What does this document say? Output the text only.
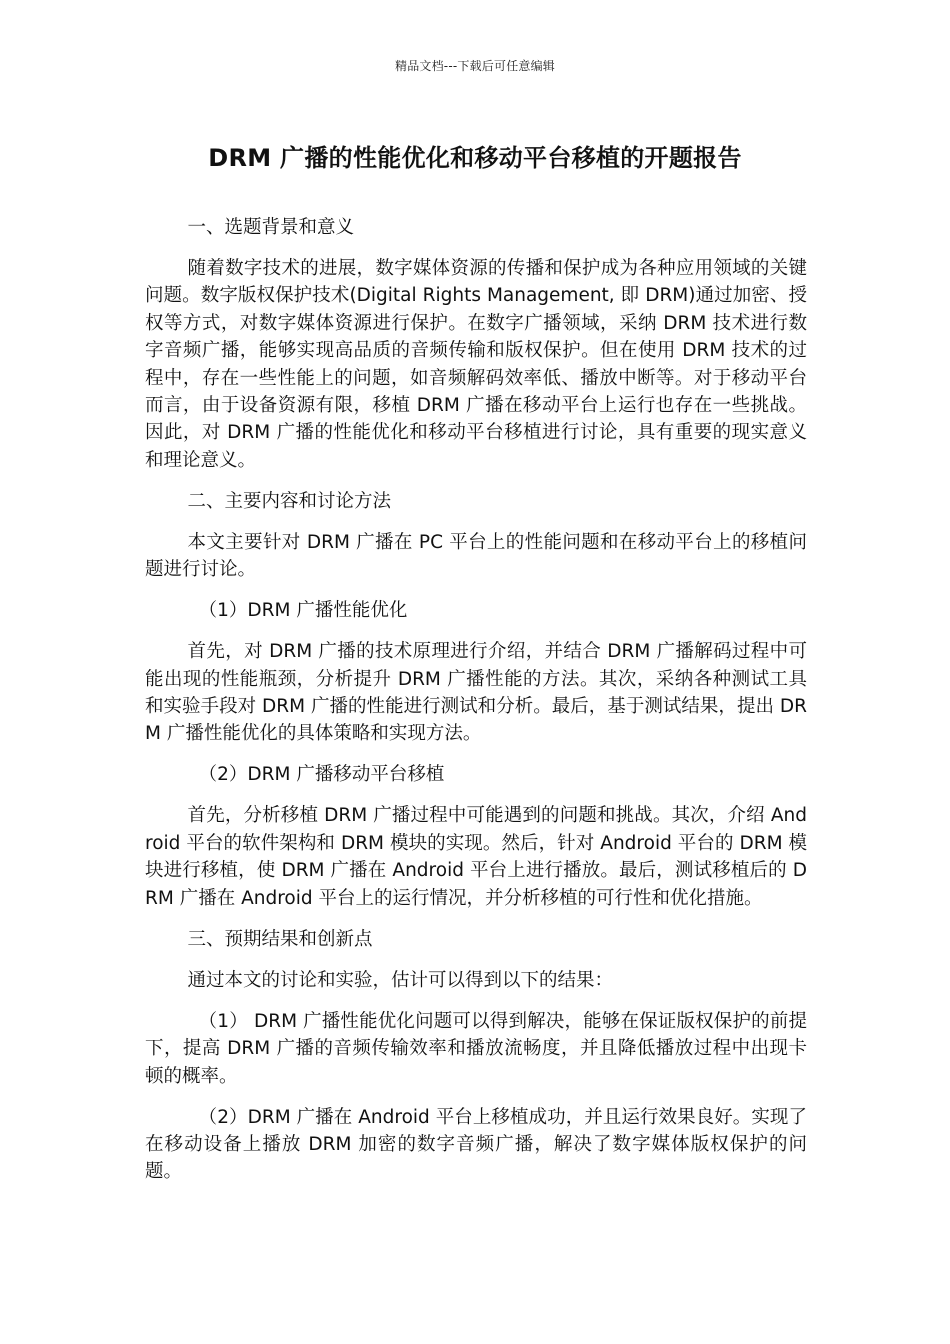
精品文档---下载后可任意编辑
DRM 广播的性能优化和移动平台移植的开题报告

一、选题背景和意义

随着数字技术的进展，数字媒体资源的传播和保护成为各种应用领域的关键问题。数字版权保护技术(Digital Rights Management, 即 DRM)通过加密、授权等方式，对数字媒体资源进行保护。在数字广播领域，采纳 DRM 技术进行数字音频广播，能够实现高品质的音频传输和版权保护。但在使用 DRM 技术的过程中，存在一些性能上的问题，如音频解码效率低、播放中断等。对于移动平台而言，由于设备资源有限，移植 DRM 广播在移动平台上运行也存在一些挑战。因此，对 DRM 广播的性能优化和移动平台移植进行讨论，具有重要的现实意义和理论意义。

二、主要内容和讨论方法

本文主要针对 DRM 广播在 PC 平台上的性能问题和在移动平台上的移植问题进行讨论。

（1）DRM 广播性能优化

首先，对 DRM 广播的技术原理进行介绍，并结合 DRM 广播解码过程中可能出现的性能瓶颈，分析提升 DRM 广播性能的方法。其次，采纳各种测试工具和实验手段对 DRM 广播的性能进行测试和分析。最后，基于测试结果，提出 DRM 广播性能优化的具体策略和实现方法。

（2）DRM 广播移动平台移植

首先，分析移植 DRM 广播过程中可能遇到的问题和挑战。其次，介绍 Android 平台的软件架构和 DRM 模块的实现。然后，针对 Android 平台的 DRM 模块进行移植，使 DRM 广播在 Android 平台上进行播放。最后，测试移植后的 DRM 广播在 Android 平台上的运行情况，并分析移植的可行性和优化措施。

三、预期结果和创新点

通过本文的讨论和实验，估计可以得到以下的结果：

（1） DRM 广播性能优化问题可以得到解决，能够在保证版权保护的前提下，提高 DRM 广播的音频传输效率和播放流畅度，并且降低播放过程中出现卡顿的概率。

（2）DRM 广播在 Android 平台上移植成功，并且运行效果良好。实现了在移动设备上播放 DRM 加密的数字音频广播，解决了数字媒体版权保护的问题。
